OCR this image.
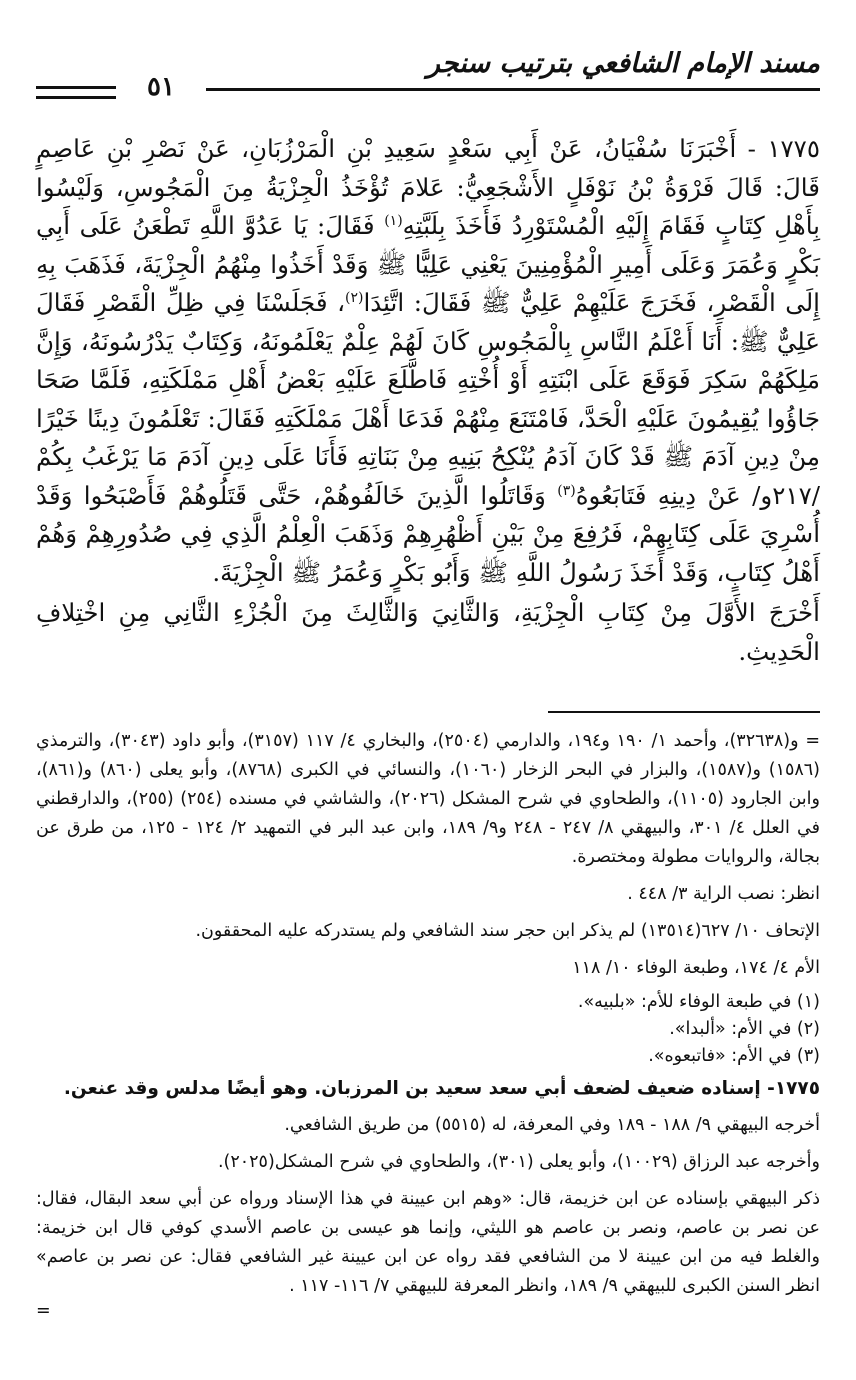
مسند الإمام الشافعي بترتيب سنجر
٥١

١٧٧٥ - أَخْبَرَنَا سُفْيَانُ، عَنْ أَبِي سَعْدٍ سَعِيدِ بْنِ الْمَرْزُبَانِ، عَنْ نَصْرِ بْنِ عَاصِمٍ قَالَ: قَالَ فَرْوَةُ بْنُ نَوْفَلٍ الأَشْجَعِيُّ: عَلامَ تُؤْخَذُ الْجِزْيَةُ مِنَ الْمَجُوسِ، وَلَيْسُوا بِأَهْلِ كِتَابٍ فَقَامَ إِلَيْهِ الْمُسْتَوْرِدُ فَأَخَذَ بِلَبَّتِهِ$^{(١)}$ فَقَالَ: يَا عَدُوَّ اللَّهِ تَطْعَنُ عَلَى أَبِي بَكْرٍ وَعُمَرَ وَعَلَى أَمِيرِ الْمُؤْمِنِينَ يَعْنِي عَلِيًّا ﷺ وَقَدْ أَخَذُوا مِنْهُمُ الْجِزْيَةَ، فَذَهَبَ بِهِ إِلَى الْقَصْرِ، فَخَرَجَ عَلَيْهِمْ عَلِيٌّ ﷺ فَقَالَ: اتَّئِدَا$^{(٢)}$، فَجَلَسْنَا فِي ظِلِّ الْقَصْرِ فَقَالَ عَلِيٌّ ﷺ: أَنَا أَعْلَمُ النَّاسِ بِالْمَجُوسِ كَانَ لَهُمْ عِلْمٌ يَعْلَمُونَهُ، وَكِتَابٌ يَدْرُسُونَهُ، وَإِنَّ مَلِكَهُمْ سَكِرَ فَوَقَعَ عَلَى ابْنَتِهِ أَوْ أُخْتِهِ فَاطَّلَعَ عَلَيْهِ بَعْضُ أَهْلِ مَمْلَكَتِهِ، فَلَمَّا صَحَا جَاؤُوا يُقِيمُونَ عَلَيْهِ الْحَدَّ، فَامْتَنَعَ مِنْهُمْ فَدَعَا أَهْلَ مَمْلَكَتِهِ فَقَالَ: تَعْلَمُونَ دِينًا خَيْرًا مِنْ دِينِ آدَمَ ﷺ قَدْ كَانَ آدَمُ يُنْكِحُ بَنِيهِ مِنْ بَنَاتِهِ فَأَنَا عَلَى دِينِ آدَمَ مَا يَرْغَبُ بِكُمْ /٢١٧و/ عَنْ دِينِهِ فَتَابَعُوهُ$^{(٣)}$ وَقَاتَلُوا الَّذِينَ خَالَفُوهُمْ، حَتَّى قَتَلُوهُمْ فَأَصْبَحُوا وَقَدْ أُسْرِيَ عَلَى كِتَابِهِمْ، فَرُفِعَ مِنْ بَيْنِ أَظْهُرِهِمْ وَذَهَبَ الْعِلْمُ الَّذِي فِي صُدُورِهِمْ وَهُمْ أَهْلُ كِتَابٍ، وَقَدْ أَخَذَ رَسُولُ اللَّهِ ﷺ وَأَبُو بَكْرٍ وَعُمَرُ ﷺ الْجِزْيَةَ.

أَخْرَجَ الأَوَّلَ مِنْ كِتَابِ الْجِزْيَةِ، وَالثَّانِيَ وَالثَّالِثَ مِنَ الْجُزْءِ الثَّانِي مِنِ اخْتِلافِ الْحَدِيثِ.

= و(٣٢٦٣٨)، وأحمد ١/ ١٩٠ و١٩٤، والدارمي (٢٥٠٤)، والبخاري ٤/ ١١٧ (٣١٥٧)، وأبو داود (٣٠٤٣)، والترمذي (١٥٨٦) و(١٥٨٧)، والبزار في البحر الزخار (١٠٦٠)، والنسائي في الكبرى (٨٧٦٨)، وأبو يعلى (٨٦٠) و(٨٦١)، وابن الجارود (١١٠٥)، والطحاوي في شرح المشكل (٢٠٢٦)، والشاشي في مسنده (٢٥٤) (٢٥٥)، والدارقطني في العلل ٤/ ٣٠١، والبيهقي ٨/ ٢٤٧ - ٢٤٨ و٩/ ١٨٩، وابن عبد البر في التمهيد ٢/ ١٢٤ - ١٢٥، من طرق عن بجالة، والروايات مطولة ومختصرة.

انظر: نصب الراية ٣/ ٤٤٨ .

الإتحاف ١٠/ ٦٢٧(١٣٥١٤) لم يذكر ابن حجر سند الشافعي ولم يستدركه عليه المحققون.

الأم ٤/ ١٧٤، وطبعة الوفاء ١٠/ ١١٨

(١) في طبعة الوفاء للأم: «بلبيه».

(٢) في الأم: «ألبدا».

(٣) في الأم: «فاتبعوه».

١٧٧٥- إسناده ضعيف لضعف أبي سعد سعيد بن المرزبان. وهو أيضًا مدلس وقد عنعن.

أخرجه البيهقي ٩/ ١٨٨ - ١٨٩ وفي المعرفة، له (٥٥١٥) من طريق الشافعي.

وأخرجه عبد الرزاق (١٠٠٢٩)، وأبو يعلى (٣٠١)، والطحاوي في شرح المشكل(٢٠٢٥).

ذكر البيهقي بإسناده عن ابن خزيمة، قال: «وهم ابن عيينة في هذا الإسناد ورواه عن أبي سعد البقال، فقال: عن نصر بن عاصم، ونصر بن عاصم هو الليثي، وإنما هو عيسى بن عاصم الأسدي كوفي قال ابن خزيمة: والغلط فيه من ابن عيينة لا من الشافعي فقد رواه عن ابن عيينة غير الشافعي فقال: عن نصر بن عاصم» انظر السنن الكبرى للبيهقي ٩/ ١٨٩، وانظر المعرفة للبيهقي ٧/ ١١٦- ١١٧ .

=
